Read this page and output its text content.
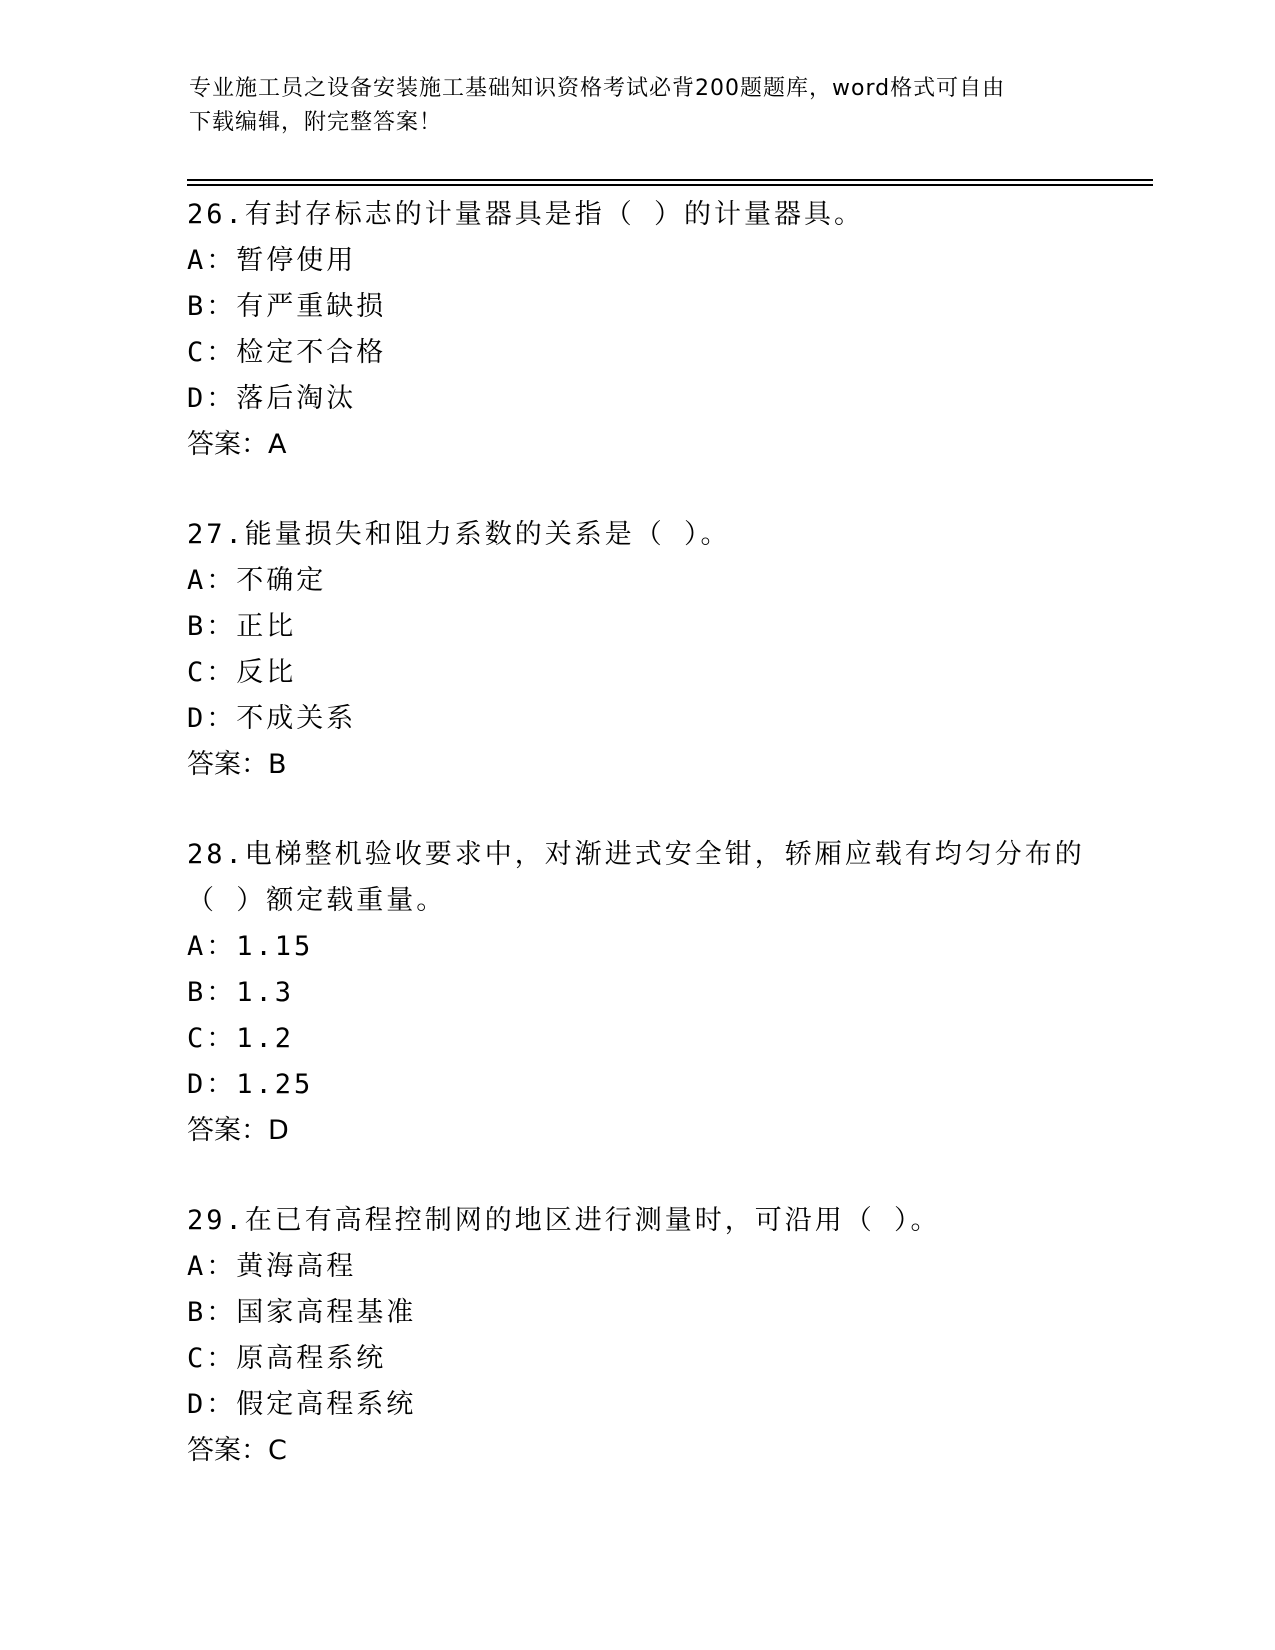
专业施工员之设备安装施工基础知识资格考试必背200题题库，word格式可自由
下载编辑，附完整答案！

26.有封存标志的计量器具是指（ ）的计量器具。

A：暂停使用

B：有严重缺损

C：检定不合格

D：落后淘汰

答案：A

27.能量损失和阻力系数的关系是（ ）。

A：不确定

B：正比

C：反比

D：不成关系

答案：B

28.电梯整机验收要求中，对渐进式安全钳，轿厢应载有均匀分布的（ ）额定载重量。

A：1.15

B：1.3

C：1.2

D：1.25

答案：D

29.在已有高程控制网的地区进行测量时，可沿用（ ）。

A：黄海高程

B：国家高程基准

C：原高程系统

D：假定高程系统

答案：C
